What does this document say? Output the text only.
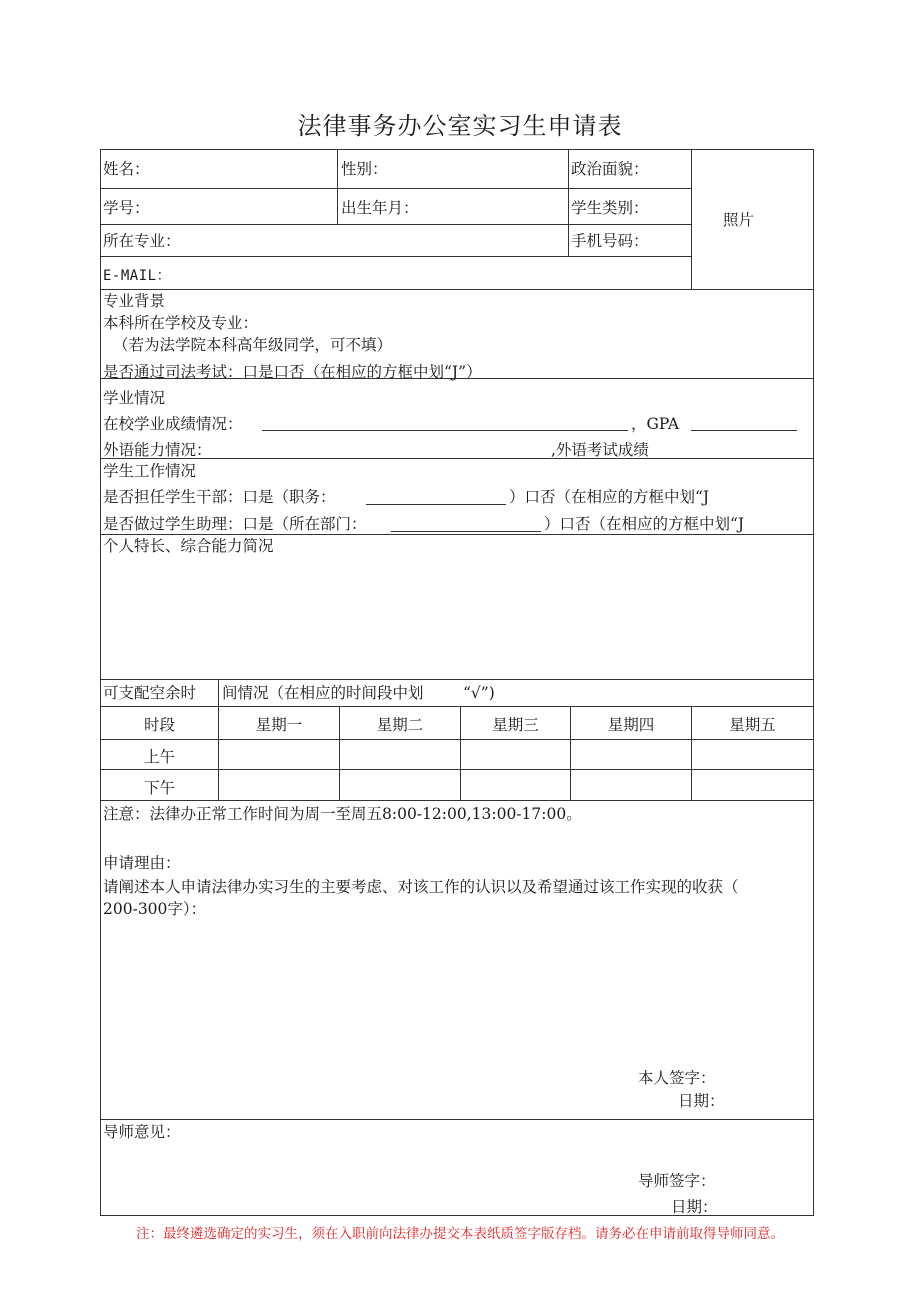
法律事务办公室实习生申请表
姓名：	性别：	政治面貌：
学号：	出生年月：	学生类别：
所在专业：	手机号码：
E-MAIL：
照片
专业背景
本科所在学校及专业：
（若为法学院本科高年级同学，可不填）
是否通过司法考试：口是口否（在相应的方框中划“J”）
学业情况
在校学业成绩情况：	，GPA
外语能力情况：	,外语考试成绩
学生工作情况
是否担任学生干部：口是（职务：	）口否（在相应的方框中划“J
是否做过学生助理：口是（所在部门：	）口否（在相应的方框中划“J
个人特长、综合能力简况
可支配空余时 间情况（在相应的时间段中划	“√”)
时段	星期一	星期二	星期三	星期四	星期五
上午
下午
注意：法律办正常工作时间为周一至周五8:00-12:00,13:00-17:00。
申请理由：
请阐述本人申请法律办实习生的主要考虑、对该工作的认识以及希望通过该工作实现的收获（
200-300字）：
本人签字：
日期：
导师意见：
导师签字：
日期：
注：最终遴选确定的实习生，须在入职前向法律办提交本表纸质签字版存档。请务必在申请前取得导师同意。
